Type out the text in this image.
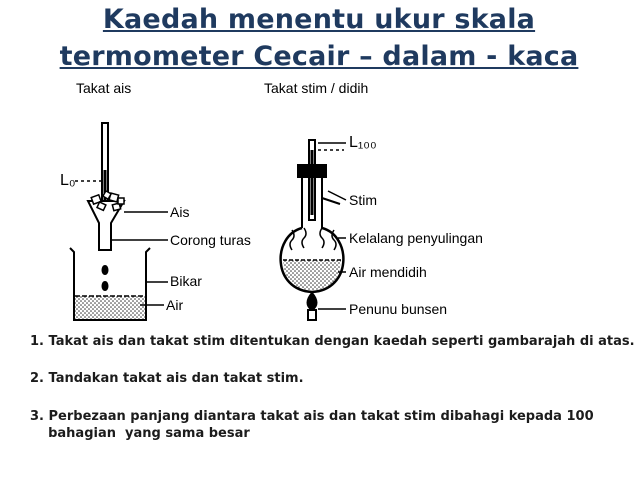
Kaedah menentu ukur skala
termometer Cecair – dalam - kaca
Takat ais	Takat stim / didih
L₀
Ais
Corong turas
Bikar
Air
L₁₀₀
Stim
Kelalang penyulingan
Air mendidih
Penunu bunsen
1. Takat ais dan takat stim ditentukan dengan kaedah seperti gambarajah di atas.
2. Tandakan takat ais dan takat stim.
3. Perbezaan panjang diantara takat ais dan takat stim dibahagi kepada 100
bahagian  yang sama besar
